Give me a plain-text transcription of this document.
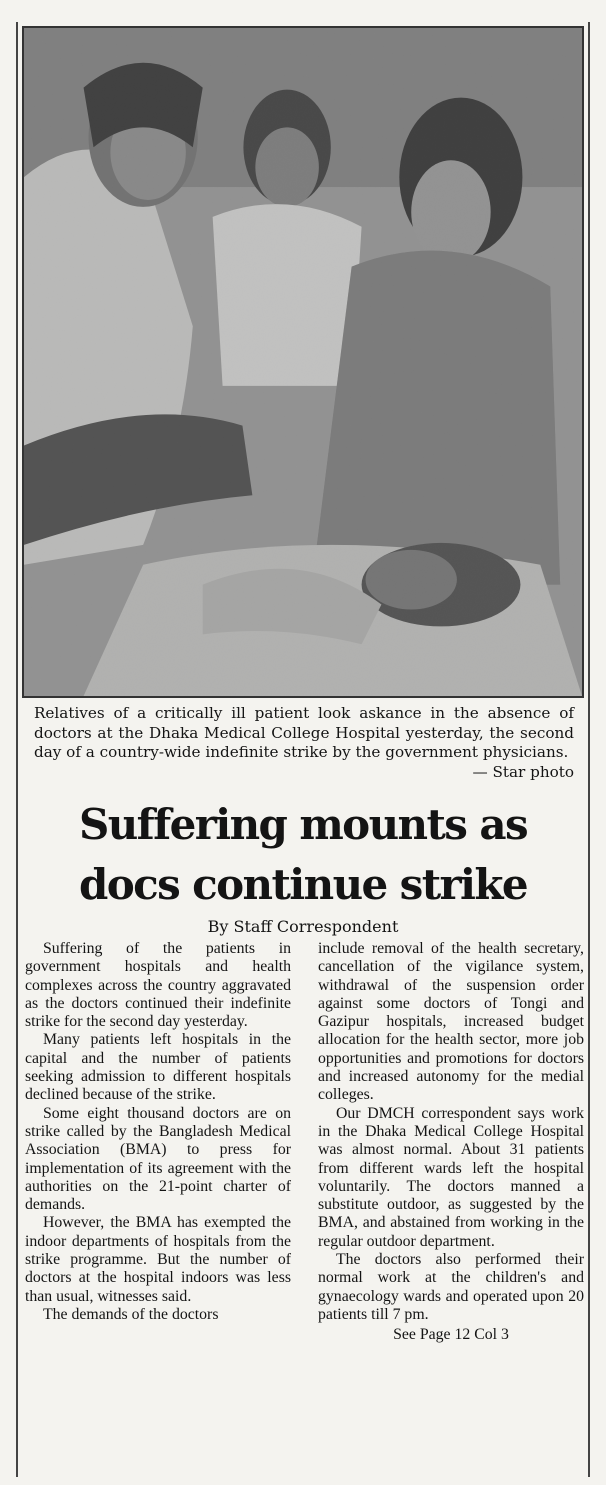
Relatives of a critically ill patient look askance in the absence of doctors at the Dhaka Medical College Hospital yesterday, the second day of a country-wide indefinite strike by the government physicians.
— Star photo
Suffering mounts as
docs continue strike
By Staff Correspondent

Suffering of the patients in government hospitals and health complexes across the country aggravated as the doctors continued their indefinite strike for the second day yesterday.

Many patients left hospitals in the capital and the number of patients seeking admission to different hospitals declined because of the strike.

Some eight thousand doctors are on strike called by the Bangladesh Medical Association (BMA) to press for implementation of its agreement with the authorities on the 21-point charter of demands.

However, the BMA has exempted the indoor departments of hospitals from the strike programme. But the number of doctors at the hospital indoors was less than usual, witnesses said.

The demands of the doctors

include removal of the health secretary, cancellation of the vigilance system, withdrawal of the suspension order against some doctors of Tongi and Gazipur hospitals, increased budget allocation for the health sector, more job opportunities and promotions for doctors and increased autonomy for the medial colleges.

Our DMCH correspondent says work in the Dhaka Medical College Hospital was almost normal. About 31 patients from different wards left the hospital voluntarily. The doctors manned a substitute outdoor, as suggested by the BMA, and abstained from working in the regular outdoor department.

The doctors also performed their normal work at the children's and gynaecology wards and operated upon 20 patients till 7 pm.

See Page 12 Col 3
